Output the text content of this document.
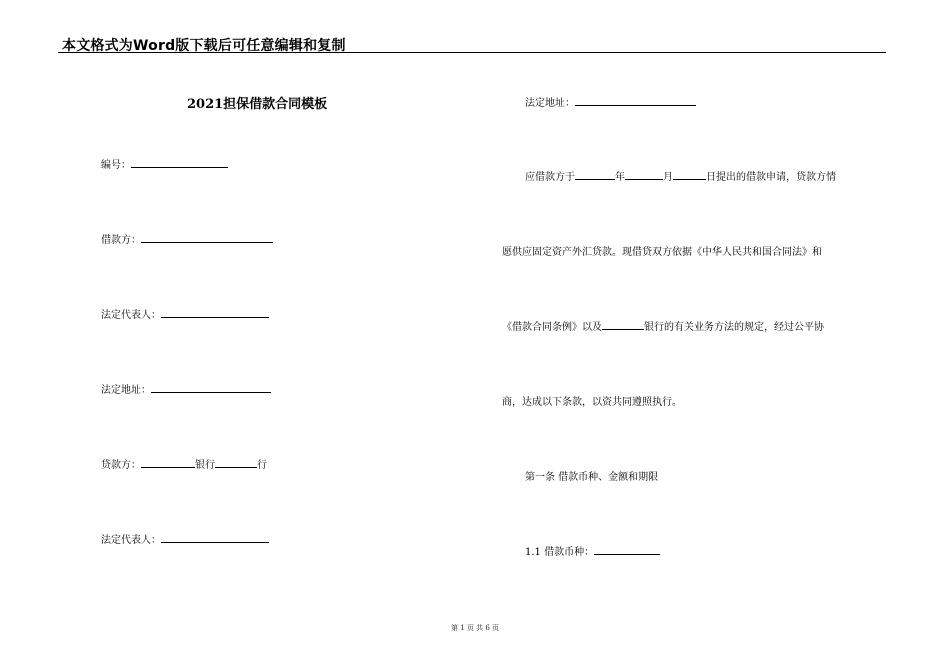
本文格式为Word版下载后可任意编辑和复制
2021担保借款合同模板
编号：
借款方：
法定代表人：
法定地址：
贷款方：	银行	行
法定代表人：
法定地址：
应借款方于	年	月	日提出的借款申请，贷款方情
愿供应固定资产外汇贷款。现借贷双方依据《中华人民共和国合同法》和
《借款合同条例》以及	银行的有关业务方法的规定，经过公平协
商，达成以下条款，以资共同遵照执行。
第一条 借款币种、金额和期限
1.1 借款币种：
第 1 页 共 6 页
